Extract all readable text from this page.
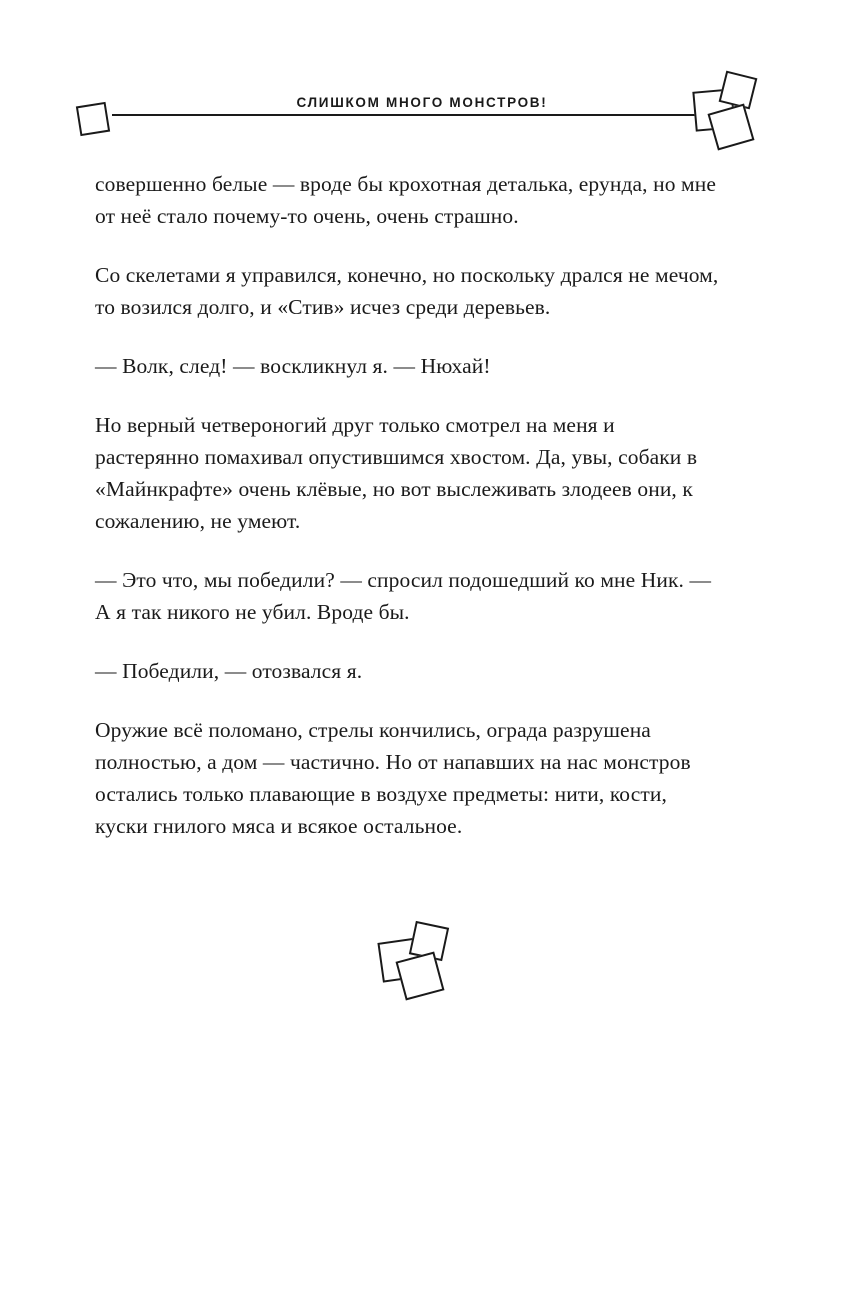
СЛИШКОМ МНОГО МОНСТРОВ!

совершенно белые — вроде бы крохотная деталька, ерунда, но мне от неё стало почему-то очень, очень страшно.

Со скелетами я управился, конечно, но поскольку дрался не мечом, то возился долго, и «Стив» исчез среди деревьев.

— Волк, след! — воскликнул я. — Нюхай!

Но верный четвероногий друг только смотрел на меня и растерянно помахивал опустившимся хвостом. Да, увы, собаки в «Майнкрафте» очень клёвые, но вот выслеживать злодеев они, к сожалению, не умеют.

— Это что, мы победили? — спросил подошедший ко мне Ник. — А я так никого не убил. Вроде бы.

— Победили, — отозвался я.

Оружие всё поломано, стрелы кончились, ограда разрушена полностью, а дом — частично. Но от напавших на нас монстров остались только плавающие в воздухе предметы: нити, кости, куски гнилого мяса и всякое остальное.
